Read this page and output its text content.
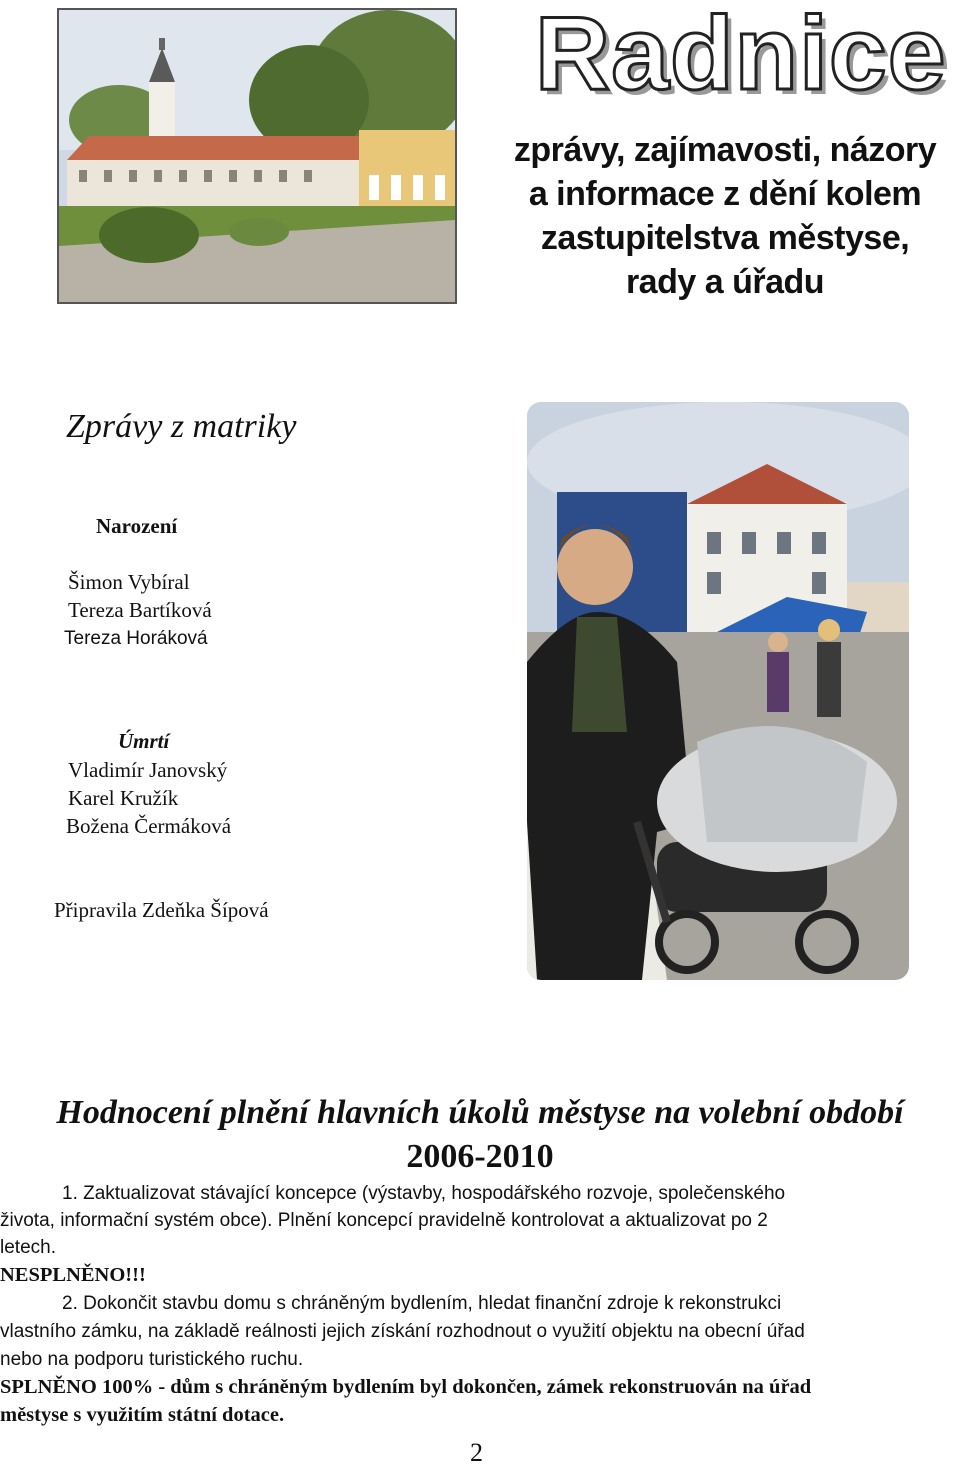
Radnice
zprávy, zajímavosti, názory
a informace z dění kolem
zastupitelstva městyse,
rady a úřadu
Zprávy z matriky
Narození
Šimon Vybíral
Tereza Bartíková
Tereza Horáková
Úmrtí
Vladimír Janovský
Karel Kružík
Božena Čermáková
Připravila Zdeňka Šípová
Hodnocení plnění hlavních úkolů městyse na volební období
2006-2010
1. Zaktualizovat stávající koncepce (výstavby, hospodářského rozvoje, společenského
života, informační systém obce). Plnění koncepcí pravidelně kontrolovat a aktualizovat po 2
letech.
NESPLNĚNO!!!
2. Dokončit stavbu domu s chráněným bydlením, hledat finanční zdroje k rekonstrukci
vlastního zámku, na základě reálnosti jejich získání rozhodnout o využití objektu na obecní úřad
nebo na podporu turistického ruchu.
SPLNĚNO 100% - dům s chráněným bydlením byl dokončen, zámek rekonstruován na úřad
městyse s využitím státní dotace.
2
